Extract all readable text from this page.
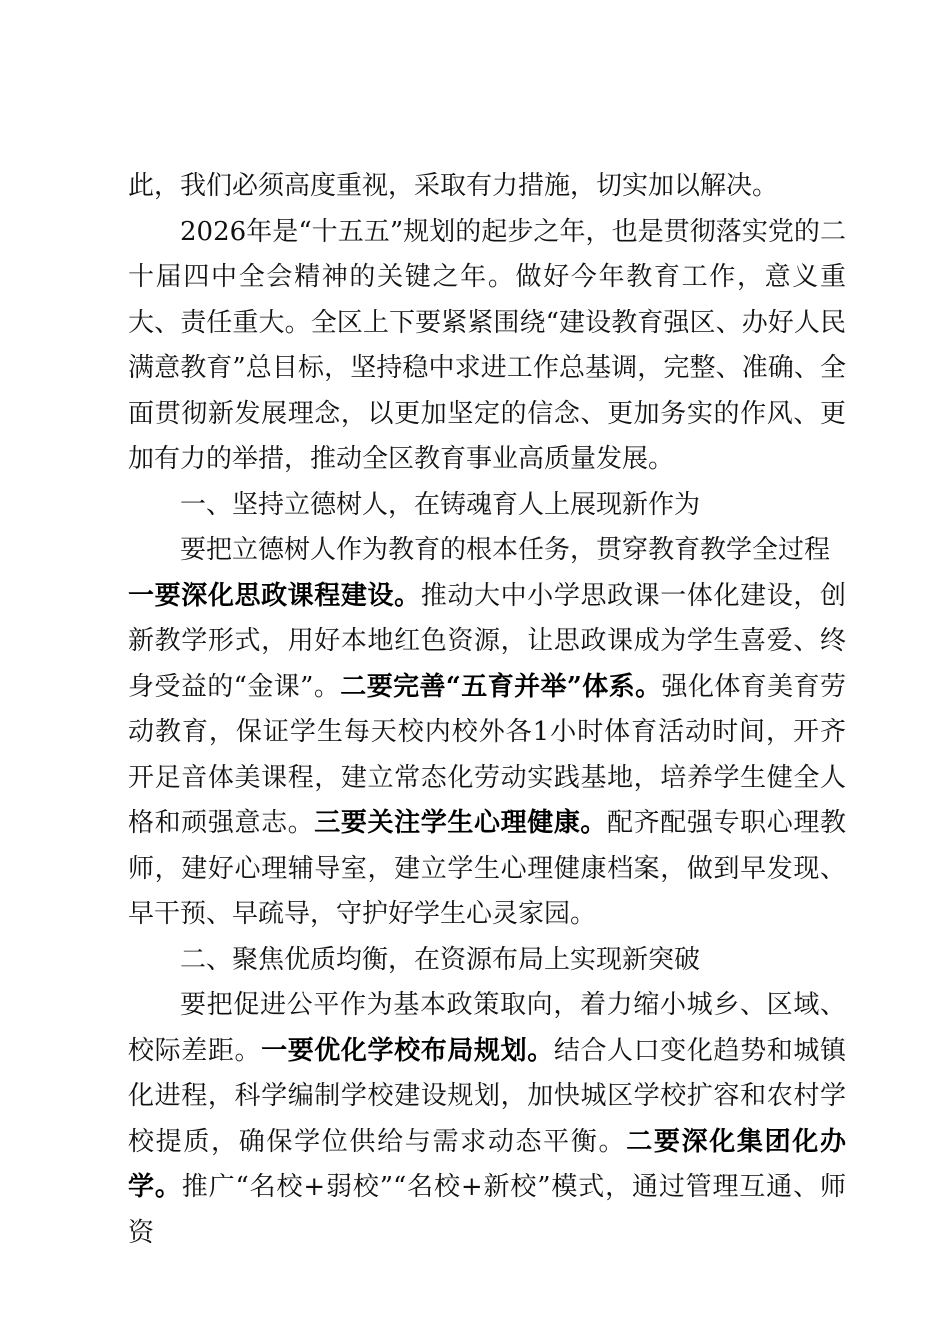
此，我们必须高度重视，采取有力措施，切实加以解决。

2026年是“十五五”规划的起步之年，也是贯彻落实党的二十届四中全会精神的关键之年。做好今年教育工作，意义重大、责任重大。全区上下要紧紧围绕“建设教育强区、办好人民满意教育”总目标，坚持稳中求进工作总基调，完整、准确、全面贯彻新发展理念，以更加坚定的信念、更加务实的作风、更加有力的举措，推动全区教育事业高质量发展。

一、坚持立德树人，在铸魂育人上展现新作为

要把立德树人作为教育的根本任务，贯穿教育教学全过程

一要深化思政课程建设。推动大中小学思政课一体化建设，创新教学形式，用好本地红色资源，让思政课成为学生喜爱、终身受益的“金课”。二要完善“五育并举”体系。强化体育美育劳动教育，保证学生每天校内校外各1小时体育活动时间，开齐开足音体美课程，建立常态化劳动实践基地，培养学生健全人格和顽强意志。三要关注学生心理健康。配齐配强专职心理教师，建好心理辅导室，建立学生心理健康档案，做到早发现、早干预、早疏导，守护好学生心灵家园。

二、聚焦优质均衡，在资源布局上实现新突破

要把促进公平作为基本政策取向，着力缩小城乡、区域、校际差距。一要优化学校布局规划。结合人口变化趋势和城镇化进程，科学编制学校建设规划，加快城区学校扩容和农村学校提质，确保学位供给与需求动态平衡。二要深化集团化办学。推广“名校+弱校”“名校+新校”模式，通过管理互通、师资
